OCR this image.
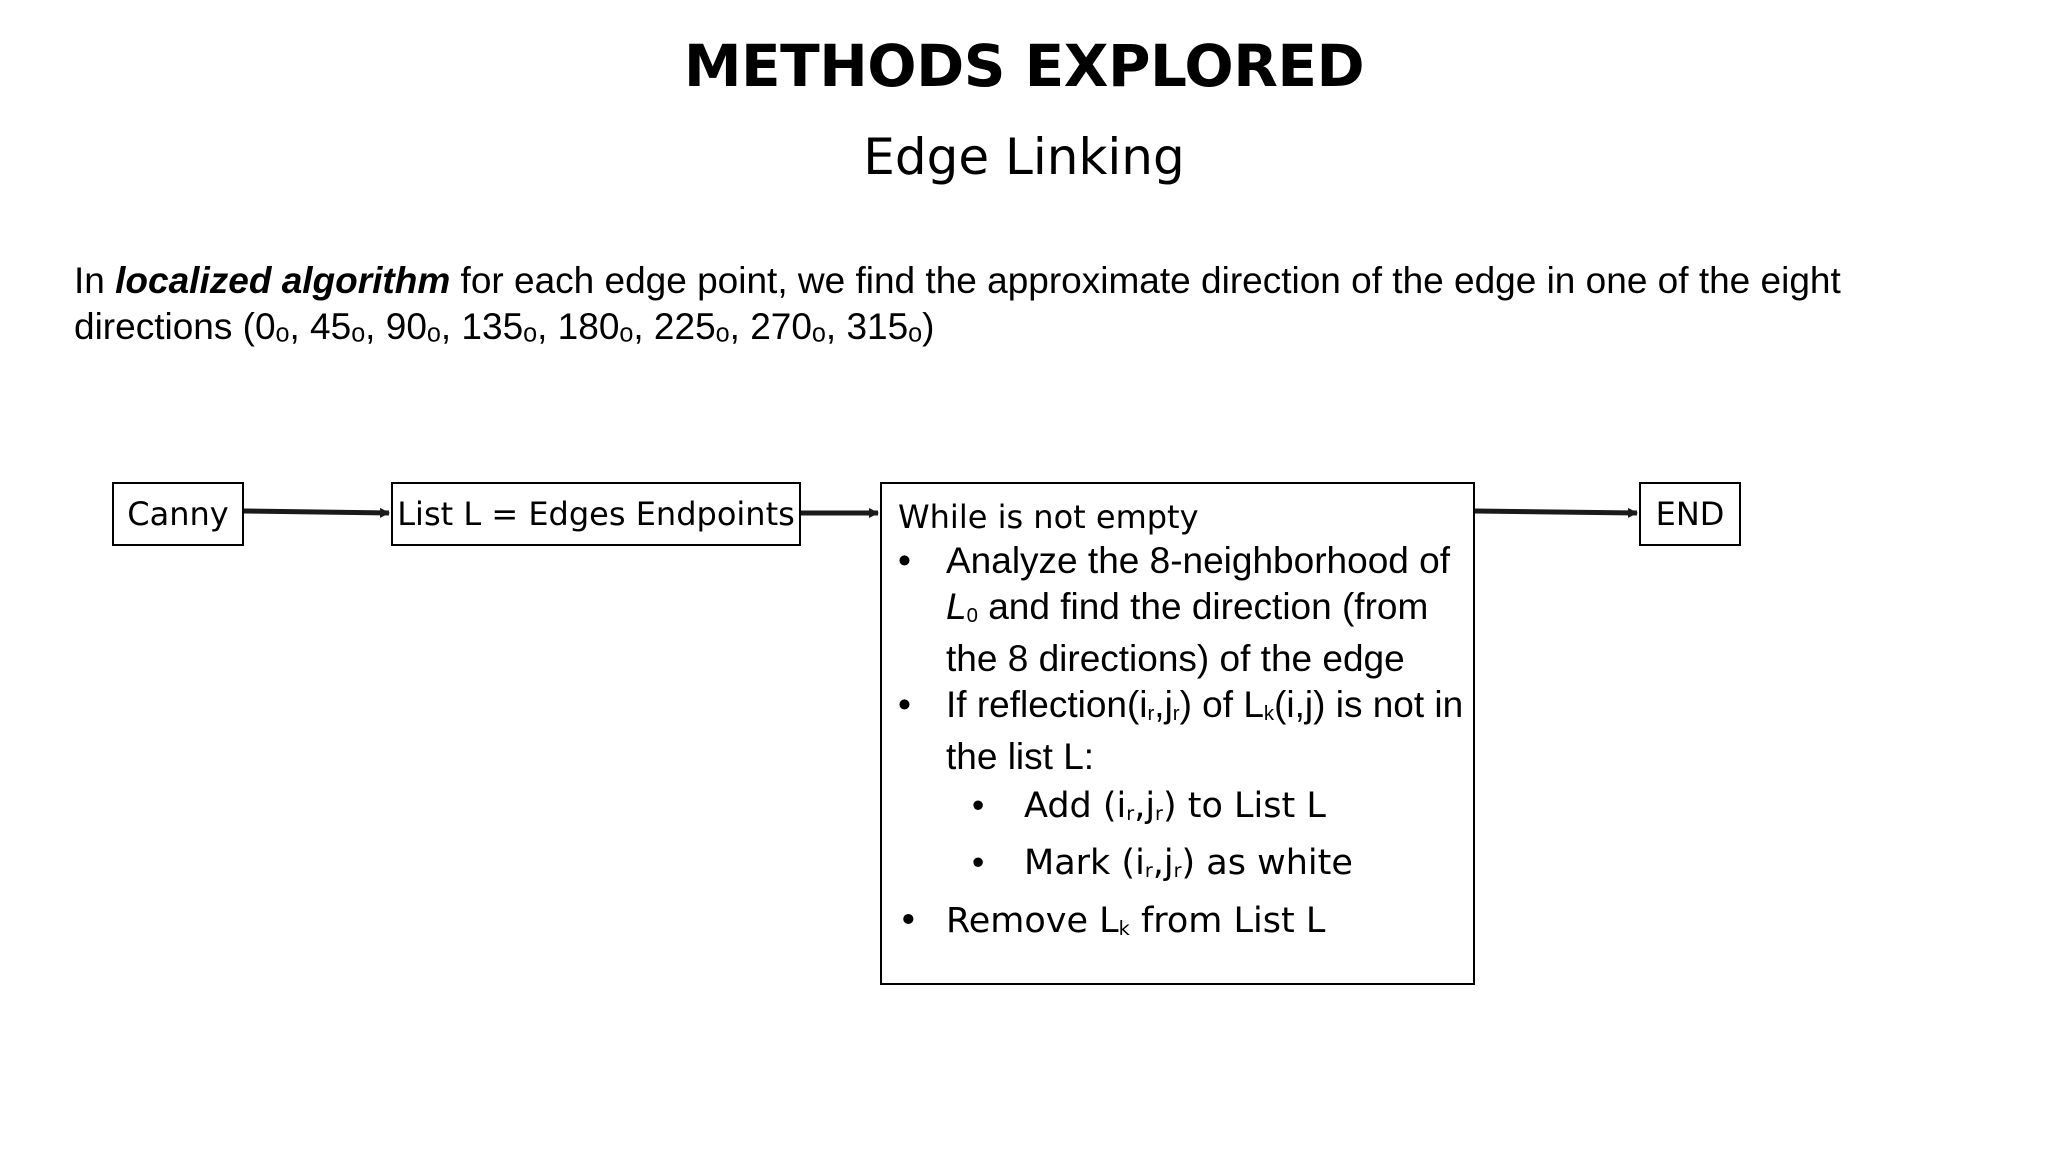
METHODS EXPLORED
Edge Linking
In localized algorithm for each edge point, we find the approximate direction of the edge in one of the eight directions (0ₒ, 45ₒ, 90ₒ, 135ₒ, 180ₒ, 225ₒ, 270ₒ, 315ₒ)
Canny	List L = Edges Endpoints	While is not empty
• Analyze the 8-neighborhood of $L_0$ and find the direction (from the 8 directions) of the edge
• If $reflection(i_r,j_r)$ of $L_k(i,j)$ is not in the list L:
• Add $(i_r,j_r)$ to List L
• Mark $(i_r,j_r)$ as white
• Remove $L_k$ from List L
END
